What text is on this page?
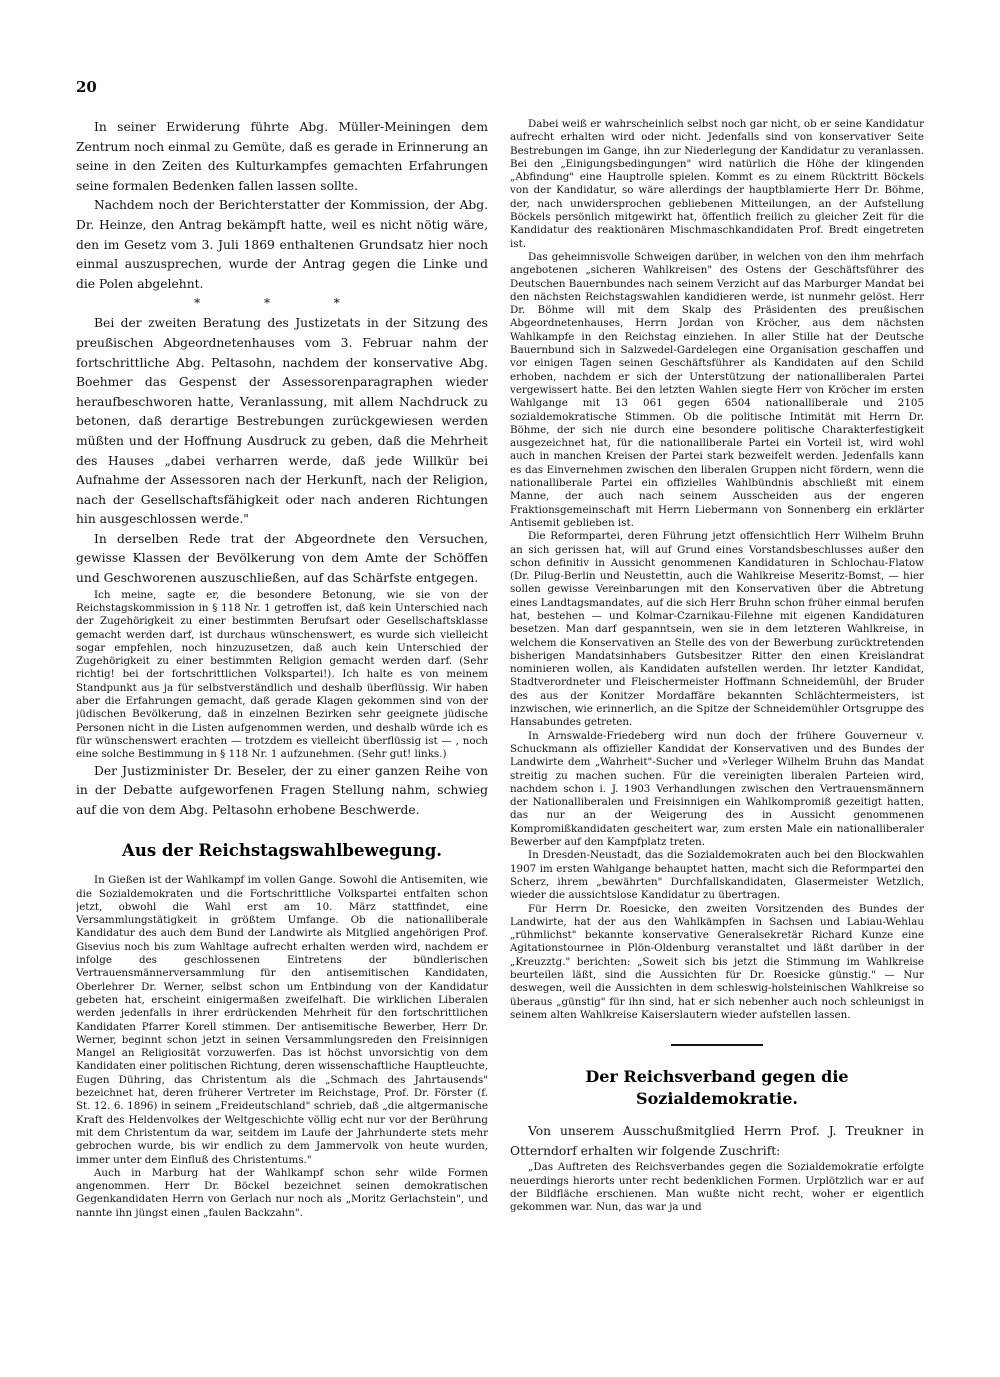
20

In seiner Erwiderung führte Abg. Müller-Meiningen dem Zentrum noch einmal zu Gemüte, daß es gerade in Erinnerung an seine in den Zeiten des Kulturkampfes gemachten Erfahrungen seine formalen Bedenken fallen lassen sollte.

Nachdem noch der Berichterstatter der Kommission, der Abg. Dr. Heinze, den Antrag bekämpft hatte, weil es nicht nötig wäre, den im Gesetz vom 3. Juli 1869 enthaltenen Grundsatz hier noch einmal auszusprechen, wurde der Antrag gegen die Linke und die Polen abgelehnt.

* * *

Bei der zweiten Beratung des Justizetats in der Sitzung des preußischen Abgeordnetenhauses vom 3. Februar nahm der fortschrittliche Abg. Peltasohn, nachdem der konservative Abg. Boehmer das Gespenst der Assessorenparagraphen wieder heraufbeschworen hatte, Veranlassung, mit allem Nachdruck zu betonen, daß derartige Bestrebungen zurückgewiesen werden müßten und der Hoffnung Ausdruck zu geben, daß die Mehrheit des Hauses „dabei verharren werde, daß jede Willkür bei Aufnahme der Assessoren nach der Herkunft, nach der Religion, nach der Gesellschaftsfähigkeit oder nach anderen Richtungen hin ausgeschlossen werde."

In derselben Rede trat der Abgeordnete den Versuchen, gewisse Klassen der Bevölkerung von dem Amte der Schöffen und Geschworenen auszuschließen, auf das Schärfste entgegen.

Ich meine, sagte er, die besondere Betonung, wie sie von der Reichstagskommission in § 118 Nr. 1 getroffen ist, daß kein Unterschied nach der Zugehörigkeit zu einer bestimmten Berufsart oder Gesellschaftsklasse gemacht werden darf, ist durchaus wünschenswert, es wurde sich vielleicht sogar empfehlen, noch hinzuzusetzen, daß auch kein Unterschied der Zugehörigkeit zu einer bestimmten Religion gemacht werden darf. (Sehr richtig! bei der fortschrittlichen Volkspartei!). Ich halte es von meinem Standpunkt aus ja für selbstverständlich und deshalb überflüssig. Wir haben aber die Erfahrungen gemacht, daß gerade Klagen gekommen sind von der jüdischen Bevölkerung, daß in einzelnen Bezirken sehr geeignete jüdische Personen nicht in die Listen aufgenommen werden, und deshalb würde ich es für wünschenswert erachten — trotzdem es vielleicht überflüssig ist — , noch eine solche Bestimmung in § 118 Nr. 1 aufzunehmen. (Sehr gut! links.)

Der Justizminister Dr. Beseler, der zu einer ganzen Reihe von in der Debatte aufgeworfenen Fragen Stellung nahm, schwieg auf die von dem Abg. Peltasohn erhobene Beschwerde.

Aus der Reichstagswahlbewegung.

In Gießen ist der Wahlkampf im vollen Gange. Sowohl die Antisemiten, wie die Sozialdemokraten und die Fortschrittliche Volkspartei entfalten schon jetzt, obwohl die Wahl erst am 10. März stattfindet, eine Versammlungstätigkeit in größtem Umfange. Ob die nationalliberale Kandidatur des auch dem Bund der Landwirte als Mitglied angehörigen Prof. Gisevius noch bis zum Wahltage aufrecht erhalten werden wird, nachdem er infolge des geschlossenen Eintretens der bündlerischen Vertrauensmännerversammlung für den antisemitischen Kandidaten, Oberlehrer Dr. Werner, selbst schon um Entbindung von der Kandidatur gebeten hat, erscheint einigermaßen zweifelhaft. Die wirklichen Liberalen werden jedenfalls in ihrer erdrückenden Mehrheit für den fortschrittlichen Kandidaten Pfarrer Korell stimmen. Der antisemitische Bewerber, Herr Dr. Werner, beginnt schon jetzt in seinen Versammlungsreden den Freisinnigen Mangel an Religiosität vorzuwerfen. Das ist höchst unvorsichtig von dem Kandidaten einer politischen Richtung, deren wissenschaftliche Hauptleuchte, Eugen Dühring, das Christentum als die „Schmach des Jahrtausends" bezeichnet hat, deren früherer Vertreter im Reichstage, Prof. Dr. Förster (f. St. 12. 6. 1896) in seinem „Freideutschland" schrieb, daß „die altgermanische Kraft des Heldenvolkes der Weltgeschichte völlig echt nur vor der Berührung mit dem Christentum da war, seitdem im Laufe der Jahrhunderte stets mehr gebrochen wurde, bis wir endlich zu dem Jammervolk von heute wurden, immer unter dem Einfluß des Christentums."

Auch in Marburg hat der Wahlkampf schon sehr wilde Formen angenommen. Herr Dr. Böckel bezeichnet seinen demokratischen Gegenkandidaten Herrn von Gerlach nur noch als „Moritz Gerlachstein", und nannte ihn jüngst einen „faulen Backzahn".

Dabei weiß er wahrscheinlich selbst noch gar nicht, ob er seine Kandidatur aufrecht erhalten wird oder nicht. Jedenfalls sind von konservativer Seite Bestrebungen im Gange, ihn zur Niederlegung der Kandidatur zu veranlassen. Bei den „Einigungsbedingungen" wird natürlich die Höhe der klingenden „Abfindung" eine Hauptrolle spielen. Kommt es zu einem Rücktritt Böckels von der Kandidatur, so wäre allerdings der hauptblamierte Herr Dr. Böhme, der, nach unwidersprochen gebliebenen Mitteilungen, an der Aufstellung Böckels persönlich mitgewirkt hat, öffentlich freilich zu gleicher Zeit für die Kandidatur des reaktionären Mischmaschkandidaten Prof. Bredt eingetreten ist.

Das geheimnisvolle Schweigen darüber, in welchen von den ihm mehrfach angebotenen „sicheren Wahlkreisen" des Ostens der Geschäftsführer des Deutschen Bauernbundes nach seinem Verzicht auf das Marburger Mandat bei den nächsten Reichstagswahlen kandidieren werde, ist nunmehr gelöst. Herr Dr. Böhme will mit dem Skalp des Präsidenten des preußischen Abgeordnetenhauses, Herrn Jordan von Kröcher, aus dem nächsten Wahlkampfe in den Reichstag einziehen. In aller Stille hat der Deutsche Bauernbund sich in Salzwedel-Gardelegen eine Organisation geschaffen und vor einigen Tagen seinen Geschäftsführer als Kandidaten auf den Schild erhoben, nachdem er sich der Unterstützung der nationalliberalen Partei vergewissert hatte. Bei den letzten Wahlen siegte Herr von Kröcher im ersten Wahlgange mit 13 061 gegen 6504 nationalliberale und 2105 sozialdemokratische Stimmen. Ob die politische Intimität mit Herrn Dr. Böhme, der sich nie durch eine besondere politische Charakterfestigkeit ausgezeichnet hat, für die nationalliberale Partei ein Vorteil ist, wird wohl auch in manchen Kreisen der Partei stark bezweifelt werden. Jedenfalls kann es das Einvernehmen zwischen den liberalen Gruppen nicht fördern, wenn die nationalliberale Partei ein offizielles Wahlbündnis abschließt mit einem Manne, der auch nach seinem Ausscheiden aus der engeren Fraktionsgemeinschaft mit Herrn Liebermann von Sonnenberg ein erklärter Antisemit geblieben ist.

Die Reformpartei, deren Führung jetzt offensichtlich Herr Wilhelm Bruhn an sich gerissen hat, will auf Grund eines Vorstandsbeschlusses außer den schon definitiv in Aussicht genommenen Kandidaturen in Schlochau-Flatow (Dr. Pilug-Berlin und Neustettin, auch die Wahlkreise Meseritz-Bomst, — hier sollen gewisse Vereinbarungen mit den Konservativen über die Abtretung eines Landtagsmandates, auf die sich Herr Bruhn schon früher einmal berufen hat, bestehen — und Kolmar-Czarnikau-Filehne mit eigenen Kandidaturen besetzen. Man darf gespanntsein, wen sie in dem letzteren Wahlkreise, in welchem die Konservativen an Stelle des von der Bewerbung zurücktretenden bisherigen Mandatsinhabers Gutsbesitzer Ritter den einen Kreislandrat nominieren wollen, als Kandidaten aufstellen werden. Ihr letzter Kandidat, Stadtverordneter und Fleischermeister Hoffmann Schneidemühl, der Bruder des aus der Konitzer Mordaffäre bekannten Schlächtermeisters, ist inzwischen, wie erinnerlich, an die Spitze der Schneidemühler Ortsgruppe des Hansabundes getreten.

In Arnswalde-Friedeberg wird nun doch der frühere Gouverneur v. Schuckmann als offizieller Kandidat der Konservativen und des Bundes der Landwirte dem „Wahrheit"-Sucher und »Verleger Wilhelm Bruhn das Mandat streitig zu machen suchen. Für die vereinigten liberalen Parteien wird, nachdem schon i. J. 1903 Verhandlungen zwischen den Vertrauensmännern der Nationalliberalen und Freisinnigen ein Wahlkompromiß gezeitigt hatten, das nur an der Weigerung des in Aussicht genommenen Kompromißkandidaten gescheitert war, zum ersten Male ein nationalliberaler Bewerber auf den Kampfplatz treten.

In Dresden-Neustadt, das die Sozialdemokraten auch bei den Blockwahlen 1907 im ersten Wahlgange behauptet hatten, macht sich die Reformpartei den Scherz, ihrem „bewährten" Durchfallskandidaten, Glasermeister Wetzlich, wieder die aussichtslose Kandidatur zu übertragen.

Für Herrn Dr. Roesicke, den zweiten Vorsitzenden des Bundes der Landwirte, hat der aus den Wahlkämpfen in Sachsen und Labiau-Wehlau „rühmlichst" bekannte konservative Generalsekretär Richard Kunze eine Agitationstournee in Plön-Oldenburg veranstaltet und läßt darüber in der „Kreuzztg." berichten: „Soweit sich bis jetzt die Stimmung im Wahlkreise beurteilen läßt, sind die Aussichten für Dr. Roesicke günstig." — Nur deswegen, weil die Aussichten in dem schleswig-holsteinischen Wahlkreise so überaus „günstig" für ihn sind, hat er sich nebenher auch noch schleunigst in seinem alten Wahlkreise Kaiserslautern wieder aufstellen lassen.

Der Reichsverband gegen die Sozialdemokratie.

Von unserem Ausschußmitglied Herrn Prof. J. Treukner in Otterndorf erhalten wir folgende Zuschrift:

„Das Auftreten des Reichsverbandes gegen die Sozialdemokratie erfolgte neuerdings hierorts unter recht bedenklichen Formen. Urplötzlich war er auf der Bildfläche erschienen. Man wußte nicht recht, woher er eigentlich gekommen war. Nun, das war ja und
